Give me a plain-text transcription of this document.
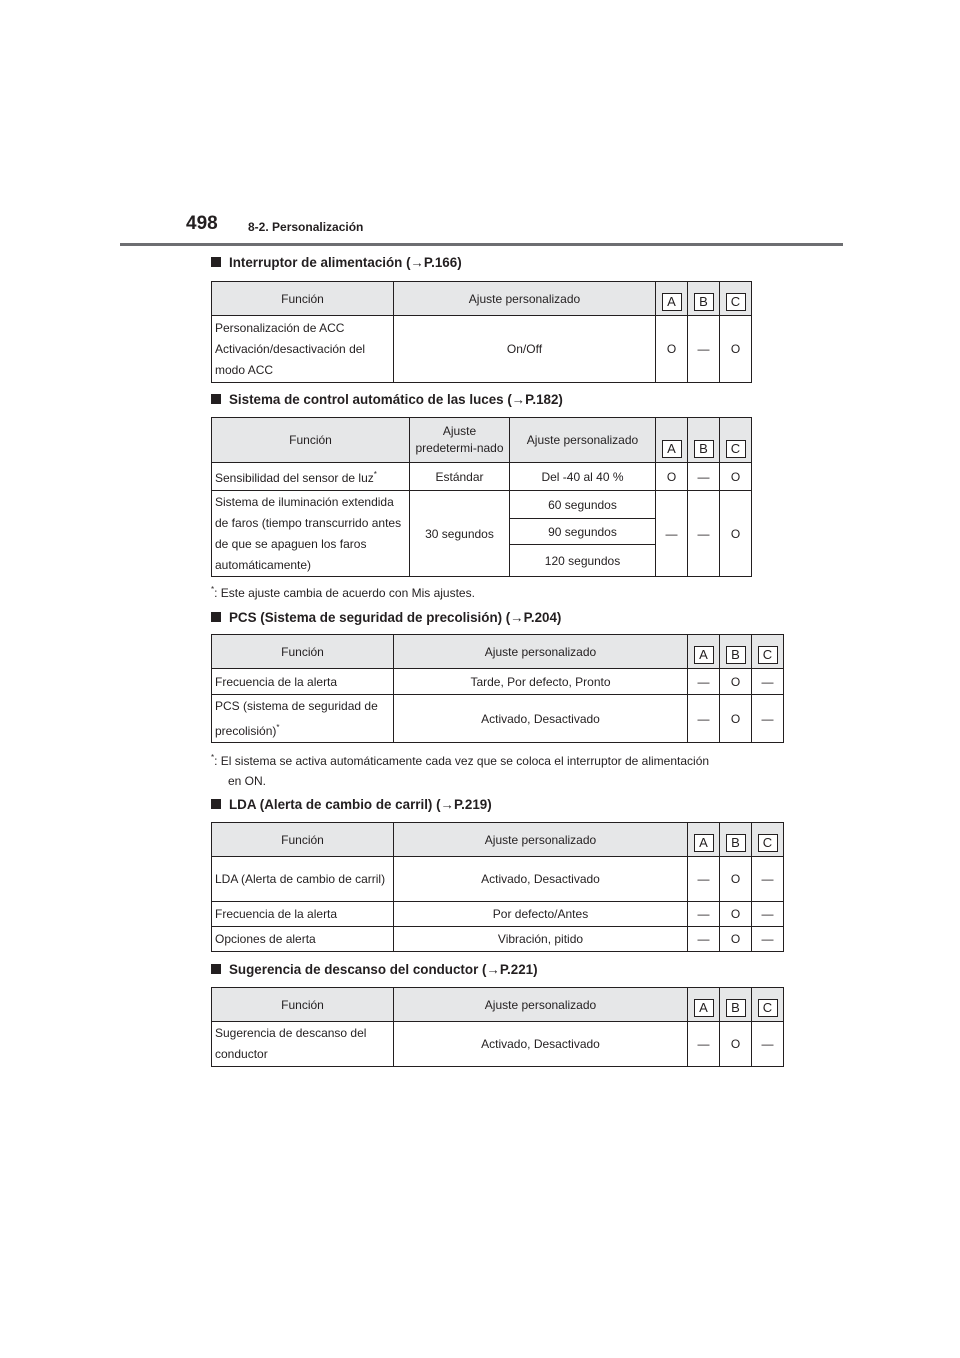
498	8-2. Personalización
Interruptor de alimentación (→P.166)
Función	Ajuste personalizado	A	B	C
Personalización de ACC
Activación/desactivación del modo ACC	On/Off	O	—	O
Sistema de control automático de las luces (→P.182)
Función	Ajuste predetermi-nado	Ajuste personalizado	A	B	C
Sensibilidad del sensor de luz*	Estándar	Del -40 al 40 %	O	—	O
Sistema de iluminación extendida de faros (tiempo transcurrido antes de que se apaguen los faros automáticamente)	30 segundos	60 segundos	—	—	O
		90 segundos			
		120 segundos			
*: Este ajuste cambia de acuerdo con Mis ajustes.
PCS (Sistema de seguridad de precolisión) (→P.204)
Función	Ajuste personalizado	A	B	C
Frecuencia de la alerta	Tarde, Por defecto, Pronto	—	O	—
PCS (sistema de seguridad de precolisión)*	Activado, Desactivado	—	O	—
*: El sistema se activa automáticamente cada vez que se coloca el interruptor de alimentación
en ON.
LDA (Alerta de cambio de carril) (→P.219)
Función	Ajuste personalizado	A	B	C
LDA (Alerta de cambio de carril)	Activado, Desactivado	—	O	—
Frecuencia de la alerta	Por defecto/Antes	—	O	—
Opciones de alerta	Vibración, pitido	—	O	—
Sugerencia de descanso del conductor (→P.221)
Función	Ajuste personalizado	A	B	C
Sugerencia de descanso del conductor	Activado, Desactivado	—	O	—
